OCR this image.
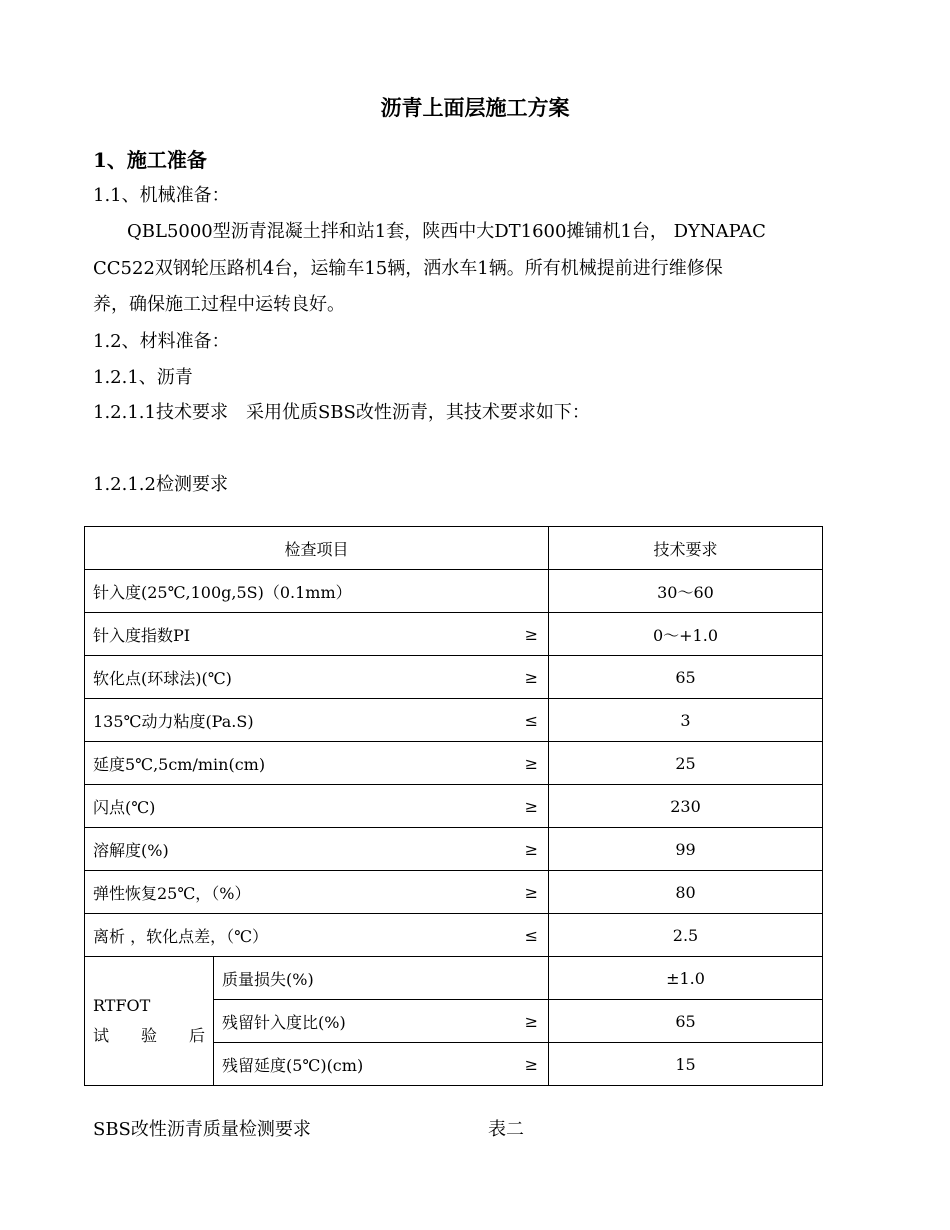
沥青上面层施工方案
1、施工准备
1.1、机械准备：
QBL5000型沥青混凝土拌和站1套，陕西中大DT1600摊铺机1台， DYNAPAC
CC522双钢轮压路机4台，运输车15辆，洒水车1辆。所有机械提前进行维修保
养，确保施工过程中运转良好。
1.2、材料准备：
1.2.1、沥青
1.2.1.1技术要求　采用优质SBS改性沥青，其技术要求如下：
1.2.1.2检测要求
检查项目		技术要求

针入度(25℃,100g,5S)（0.1mm）		30～60

针入度指数PI ≥		0～+1.0

软化点(环球法)(℃) ≥		65

135℃动力粘度(Pa.S) ≤		3

延度5℃,5cm/min(cm) ≥		25

闪点(℃) ≥		230

溶解度(%) ≥		99

弹性恢复25℃，（%） ≥		80

离析 ，软化点差，（℃） ≤		2.5

RTFOT
试 验 后	质量损失(%)	±1.0

	残留针入度比(%) ≥	65

	残留延度(5℃)(cm) ≥	15
SBS改性沥青质量检测要求	表二
